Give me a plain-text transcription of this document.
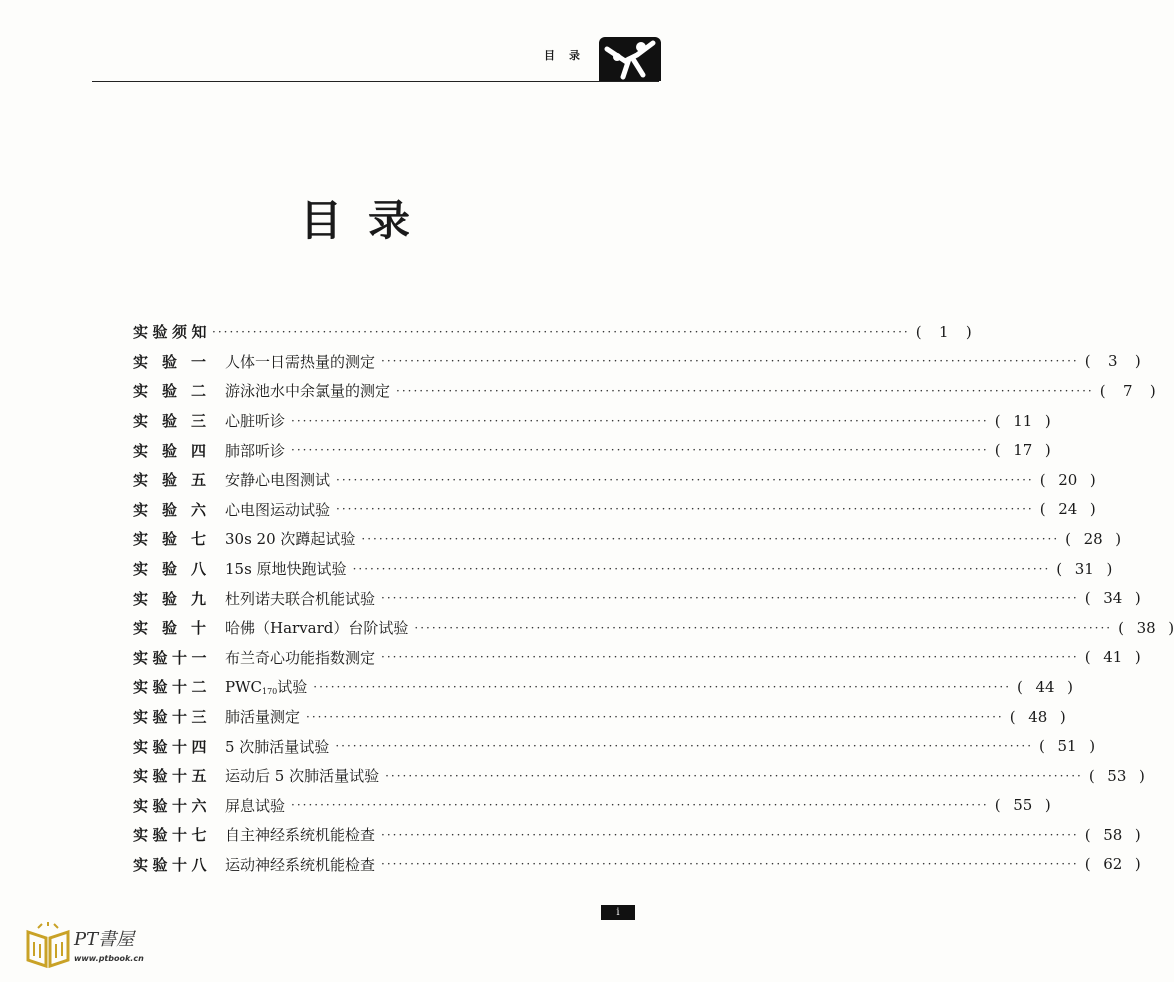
目录
目录
实验须知 ························································································································ (	1	)
实验一 人体一日需热量的测定 ························································································································ (	3	)
实验二 游泳池水中余氯量的测定 ························································································································ (	7	)
实验三 心脏听诊 ························································································································ ( 11 )
实验四 肺部听诊 ························································································································ ( 17 )
实验五 安静心电图测试 ························································································································ ( 20 )
实验六 心电图运动试验 ························································································································ ( 24 )
实验七 30s 20 次蹲起试验 ························································································································ ( 28 )
实验八 15s 原地快跑试验 ························································································································ ( 31 )
实验九 杜列诺夫联合机能试验 ························································································································ ( 34 )
实验十 哈佛（Harvard）台阶试验 ························································································································ ( 38 )
实验十一 布兰奇心功能指数测定 ························································································································ ( 41 )
实验十二 $PWC_{170}$试验 ························································································································ ( 44 )
实验十三 肺活量测定 ························································································································ ( 48 )
实验十四 5 次肺活量试验 ························································································································ ( 51 )
实验十五 运动后 5 次肺活量试验 ························································································································ ( 53 )
实验十六 屏息试验 ························································································································ ( 55 )
实验十七 自主神经系统机能检查 ························································································································ ( 58 )
实验十八 运动神经系统机能检查 ························································································································ ( 62 )
i
PT書屋
www.ptbook.cn
